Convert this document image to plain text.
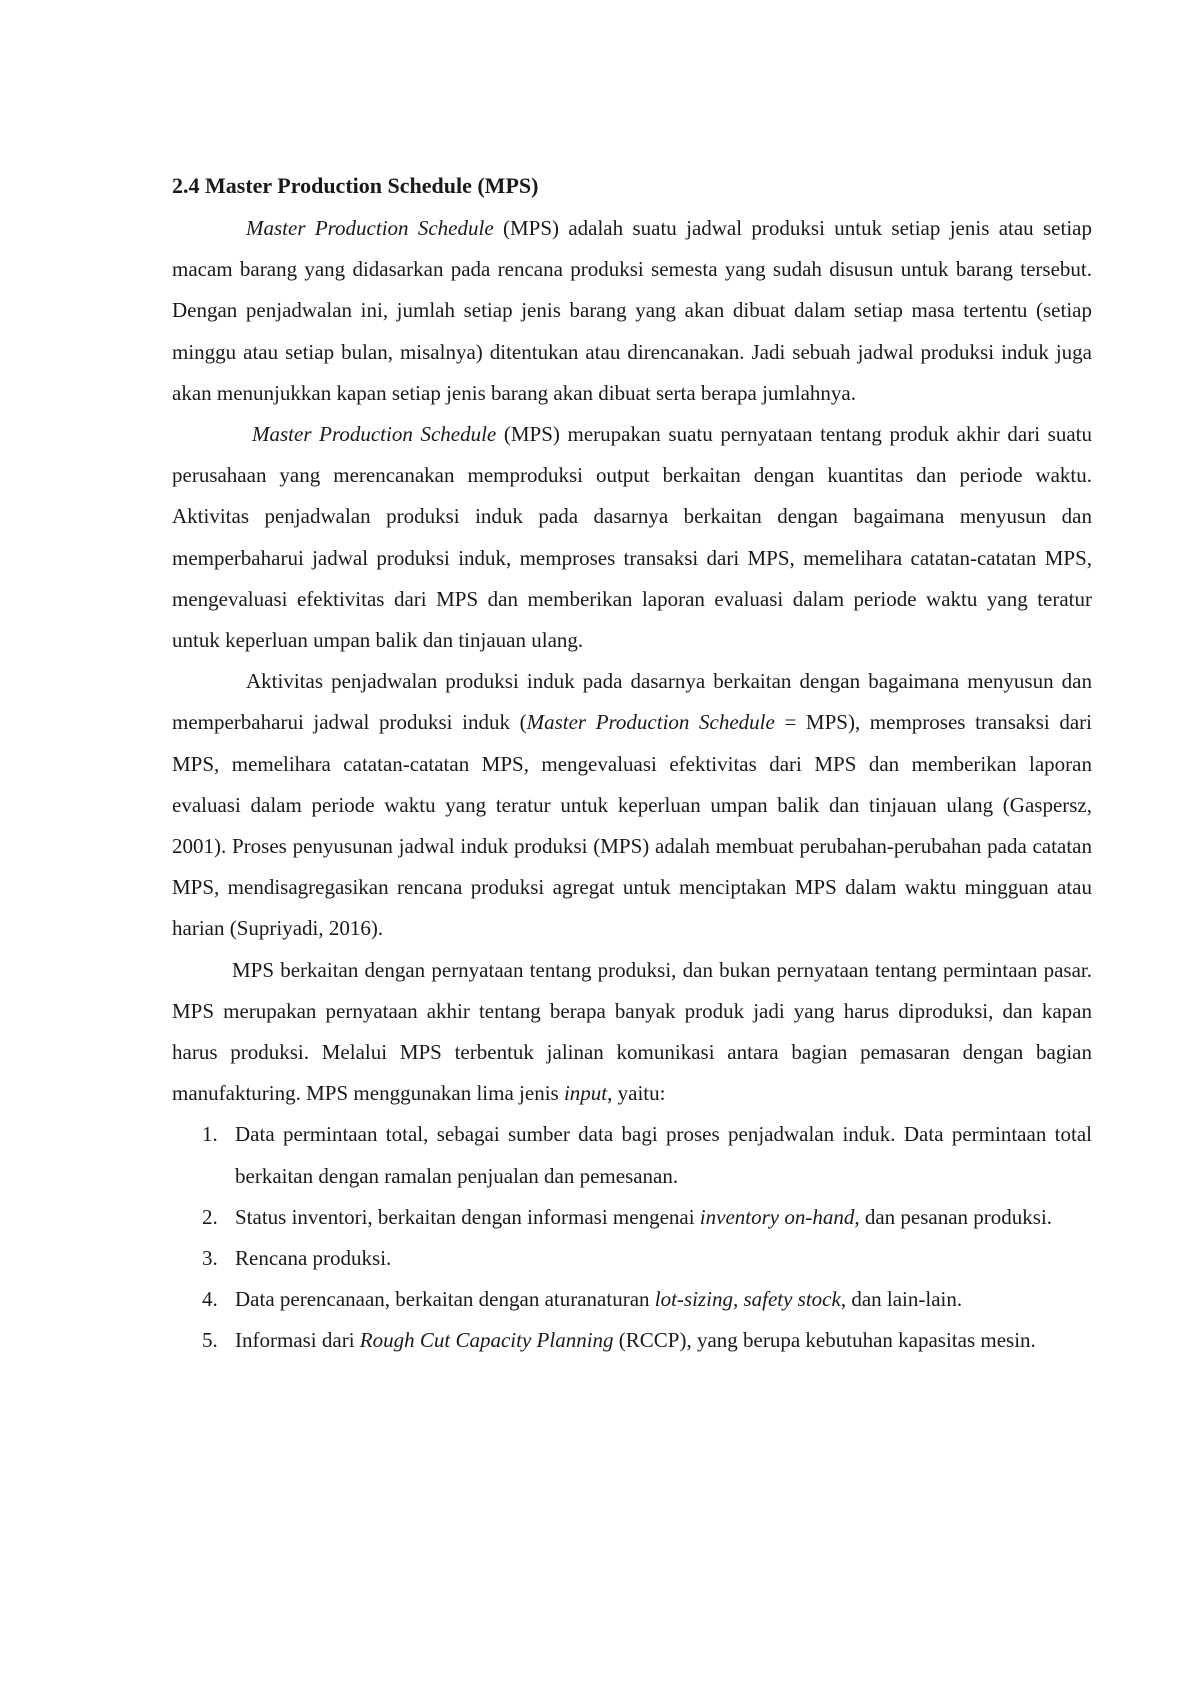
2.4 Master Production Schedule (MPS)

Master Production Schedule (MPS) adalah suatu jadwal produksi untuk setiap jenis atau setiap macam barang yang didasarkan pada rencana produksi semesta yang sudah disusun untuk barang tersebut. Dengan penjadwalan ini, jumlah setiap jenis barang yang akan dibuat dalam setiap masa tertentu (setiap minggu atau setiap bulan, misalnya) ditentukan atau direncanakan. Jadi sebuah jadwal produksi induk juga akan menunjukkan kapan setiap jenis barang akan dibuat serta berapa jumlahnya.

Master Production Schedule (MPS) merupakan suatu pernyataan tentang produk akhir dari suatu perusahaan yang merencanakan memproduksi output berkaitan dengan kuantitas dan periode waktu. Aktivitas penjadwalan produksi induk pada dasarnya berkaitan dengan bagaimana menyusun dan memperbaharui jadwal produksi induk, memproses transaksi dari MPS, memelihara catatan-catatan MPS, mengevaluasi efektivitas dari MPS dan memberikan laporan evaluasi dalam periode waktu yang teratur untuk keperluan umpan balik dan tinjauan ulang.

Aktivitas penjadwalan produksi induk pada dasarnya berkaitan dengan bagaimana menyusun dan memperbaharui jadwal produksi induk (Master Production Schedule = MPS), memproses transaksi dari MPS, memelihara catatan-catatan MPS, mengevaluasi efektivitas dari MPS dan memberikan laporan evaluasi dalam periode waktu yang teratur untuk keperluan umpan balik dan tinjauan ulang (Gaspersz, 2001). Proses penyusunan jadwal induk produksi (MPS) adalah membuat perubahan-perubahan pada catatan MPS, mendisagregasikan rencana produksi agregat untuk menciptakan MPS dalam waktu mingguan atau harian (Supriyadi, 2016).

MPS berkaitan dengan pernyataan tentang produksi, dan bukan pernyataan tentang permintaan pasar. MPS merupakan pernyataan akhir tentang berapa banyak produk jadi yang harus diproduksi, dan kapan harus produksi. Melalui MPS terbentuk jalinan komunikasi antara bagian pemasaran dengan bagian manufakturing. MPS menggunakan lima jenis input, yaitu:

1. Data permintaan total, sebagai sumber data bagi proses penjadwalan induk. Data permintaan total berkaitan dengan ramalan penjualan dan pemesanan.
2. Status inventori, berkaitan dengan informasi mengenai inventory on-hand, dan pesanan produksi.
3. Rencana produksi.
4. Data perencanaan, berkaitan dengan aturanaturan lot-sizing, safety stock, dan lain-lain.
5. Informasi dari Rough Cut Capacity Planning (RCCP), yang berupa kebutuhan kapasitas mesin.
